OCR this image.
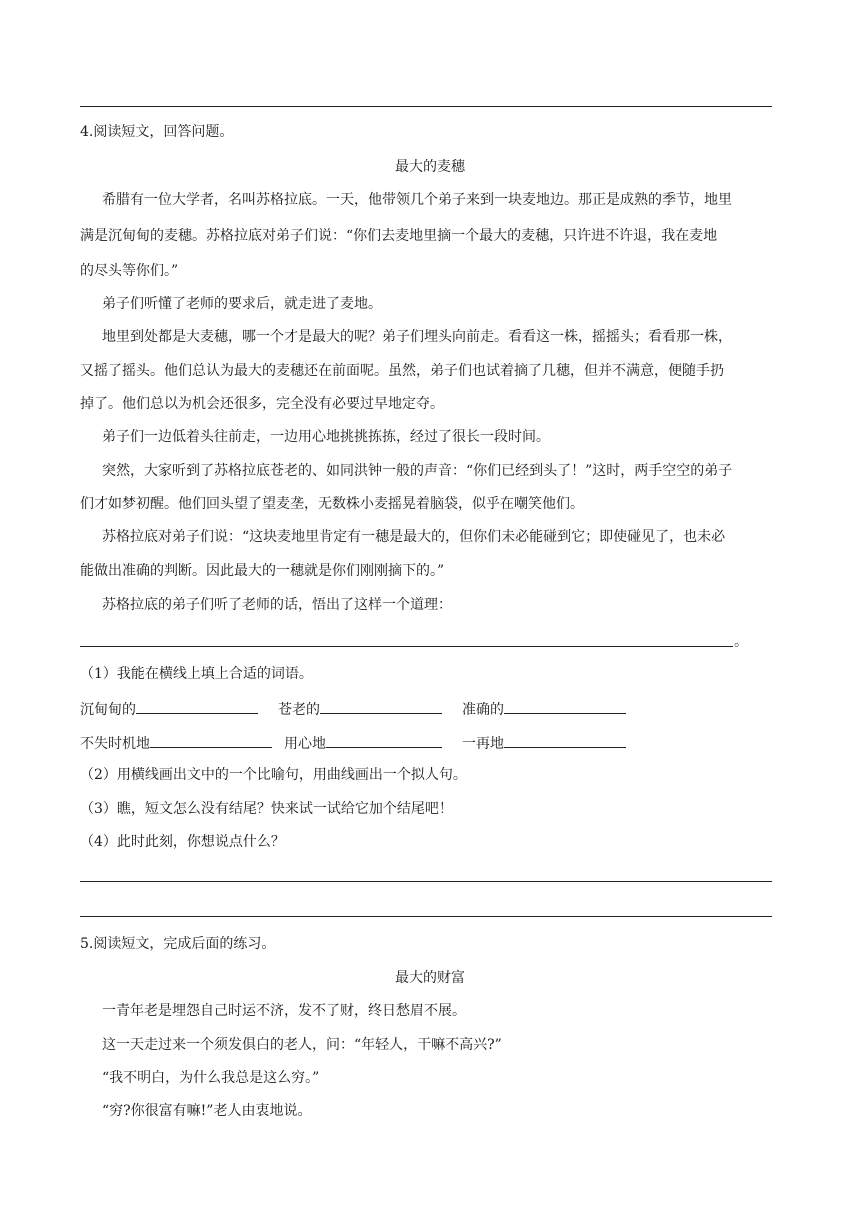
4.阅读短文，回答问题。
最大的麦穗
希腊有一位大学者，名叫苏格拉底。一天，他带领几个弟子来到一块麦地边。那正是成熟的季节，地里
满是沉甸甸的麦穗。苏格拉底对弟子们说：“你们去麦地里摘一个最大的麦穗，只许进不许退，我在麦地
的尽头等你们。”
弟子们听懂了老师的要求后，就走进了麦地。
地里到处都是大麦穗，哪一个才是最大的呢？弟子们埋头向前走。看看这一株，摇摇头；看看那一株，
又摇了摇头。他们总认为最大的麦穗还在前面呢。虽然，弟子们也试着摘了几穗，但并不满意，便随手扔
掉了。他们总以为机会还很多，完全没有必要过早地定夺。
弟子们一边低着头往前走，一边用心地挑挑拣拣，经过了很长一段时间。
突然，大家听到了苏格拉底苍老的、如同洪钟一般的声音：“你们已经到头了！”这时，两手空空的弟子
们才如梦初醒。他们回头望了望麦垄，无数株小麦摇晃着脑袋，似乎在嘲笑他们。
苏格拉底对弟子们说：“这块麦地里肯定有一穗是最大的，但你们未必能碰到它；即使碰见了，也未必
能做出准确的判断。因此最大的一穗就是你们刚刚摘下的。”
苏格拉底的弟子们听了老师的话，悟出了这样一个道理：
。
（1）我能在横线上填上合适的词语。
沉甸甸的	苍老的	准确的
不失时机地	用心地	一再地
（2）用横线画出文中的一个比喻句，用曲线画出一个拟人句。
（3）瞧，短文怎么没有结尾？快来试一试给它加个结尾吧！
（4）此时此刻，你想说点什么？
5.阅读短文，完成后面的练习。
最大的财富
一青年老是埋怨自己时运不济，发不了财，终日愁眉不展。
这一天走过来一个须发俱白的老人，问：“年轻人，干嘛不高兴?”
“我不明白，为什么我总是这么穷。”
“穷?你很富有嘛!”老人由衷地说。
